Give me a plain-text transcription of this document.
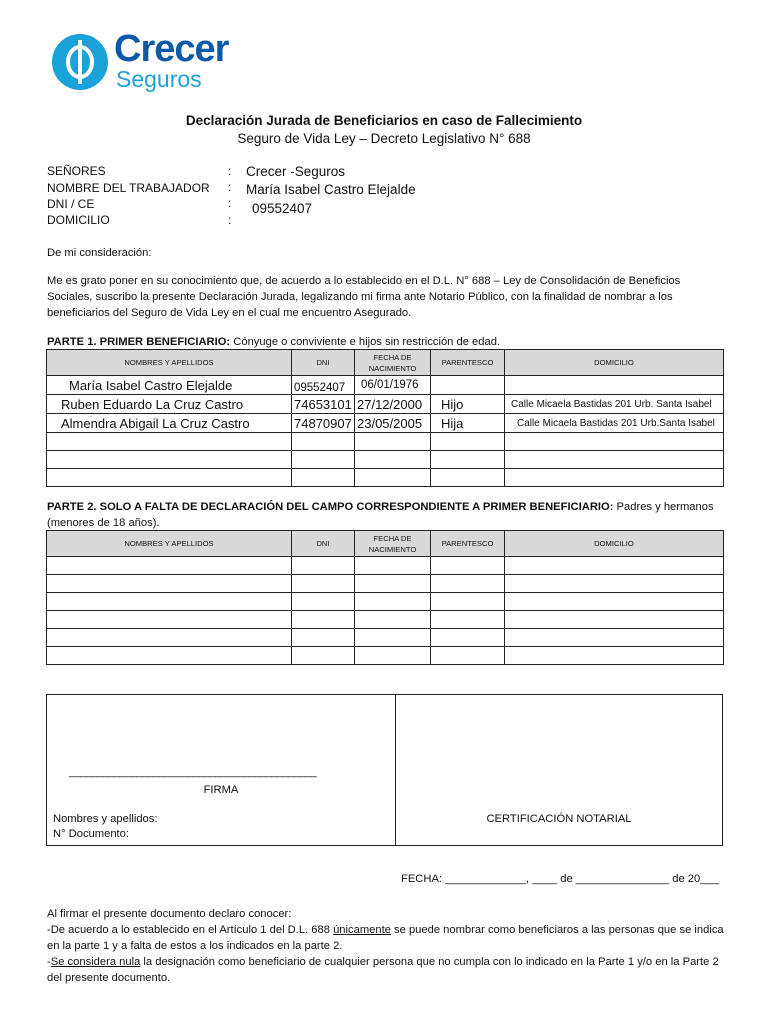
Crecer
Seguros
Declaración Jurada de Beneficiarios en caso de Fallecimiento
Seguro de Vida Ley – Decreto Legislativo N° 688
SEÑORES	: Crecer -Seguros
NOMBRE DEL TRABAJADOR : María Isabel Castro Elejalde
DNI / CE	: 09552407
DOMICILIO	:
De mi consideración:
Me es grato poner en su conocimiento que, de acuerdo a lo establecido en el D.L. N° 688 – Ley de Consolidación de Beneficios Sociales, suscribo la presente Declaración Jurada, legalizando mi firma ante Notario Público, con la finalidad de nombrar a los beneficiarios del Seguro de Vida Ley en el cual me encuentro Asegurado.
PARTE 1. PRIMER BENEFICIARIO: Cónyuge o conviviente e hijos sin restricción de edad.
NOMBRES Y APELLIDOS	DNI	FECHA DE NACIMIENTO	PARENTESCO	DOMICILIO
María Isabel Castro Elejalde	09552407	06/01/1976		
Ruben Eduardo La Cruz Castro	74653101	27/12/2000	Hijo	Calle Micaela Bastidas 201 Urb. Santa Isabel
Almendra Abigail La Cruz Castro	74870907	23/05/2005	Hija	Calle Micaela Bastidas 201 Urb.Santa Isabel

PARTE 2. SOLO A FALTA DE DECLARACIÓN DEL CAMPO CORRESPONDIENTE A PRIMER BENEFICIARIO: Padres y hermanos (menores de 18 años).
NOMBRES Y APELLIDOS	DNI	FECHA DE NACIMIENTO	PARENTESCO	DOMICILIO

____________________________________________
FIRMA
Nombres y apellidos:
N° Documento:
CERTIFICACIÓN NOTARIAL
FECHA: _____________, ____ de _______________ de 20___
Al firmar el presente documento declaro conocer:
-De acuerdo a lo establecido en el Artículo 1 del D.L. 688 únicamente se puede nombrar como beneficiaros a las personas que se indica en la parte 1 y a falta de estos a los indicados en la parte 2.
-Se considera nula la designación como beneficiario de cualquier persona que no cumpla con lo indicado en la Parte 1 y/o en la Parte 2 del presente documento.
